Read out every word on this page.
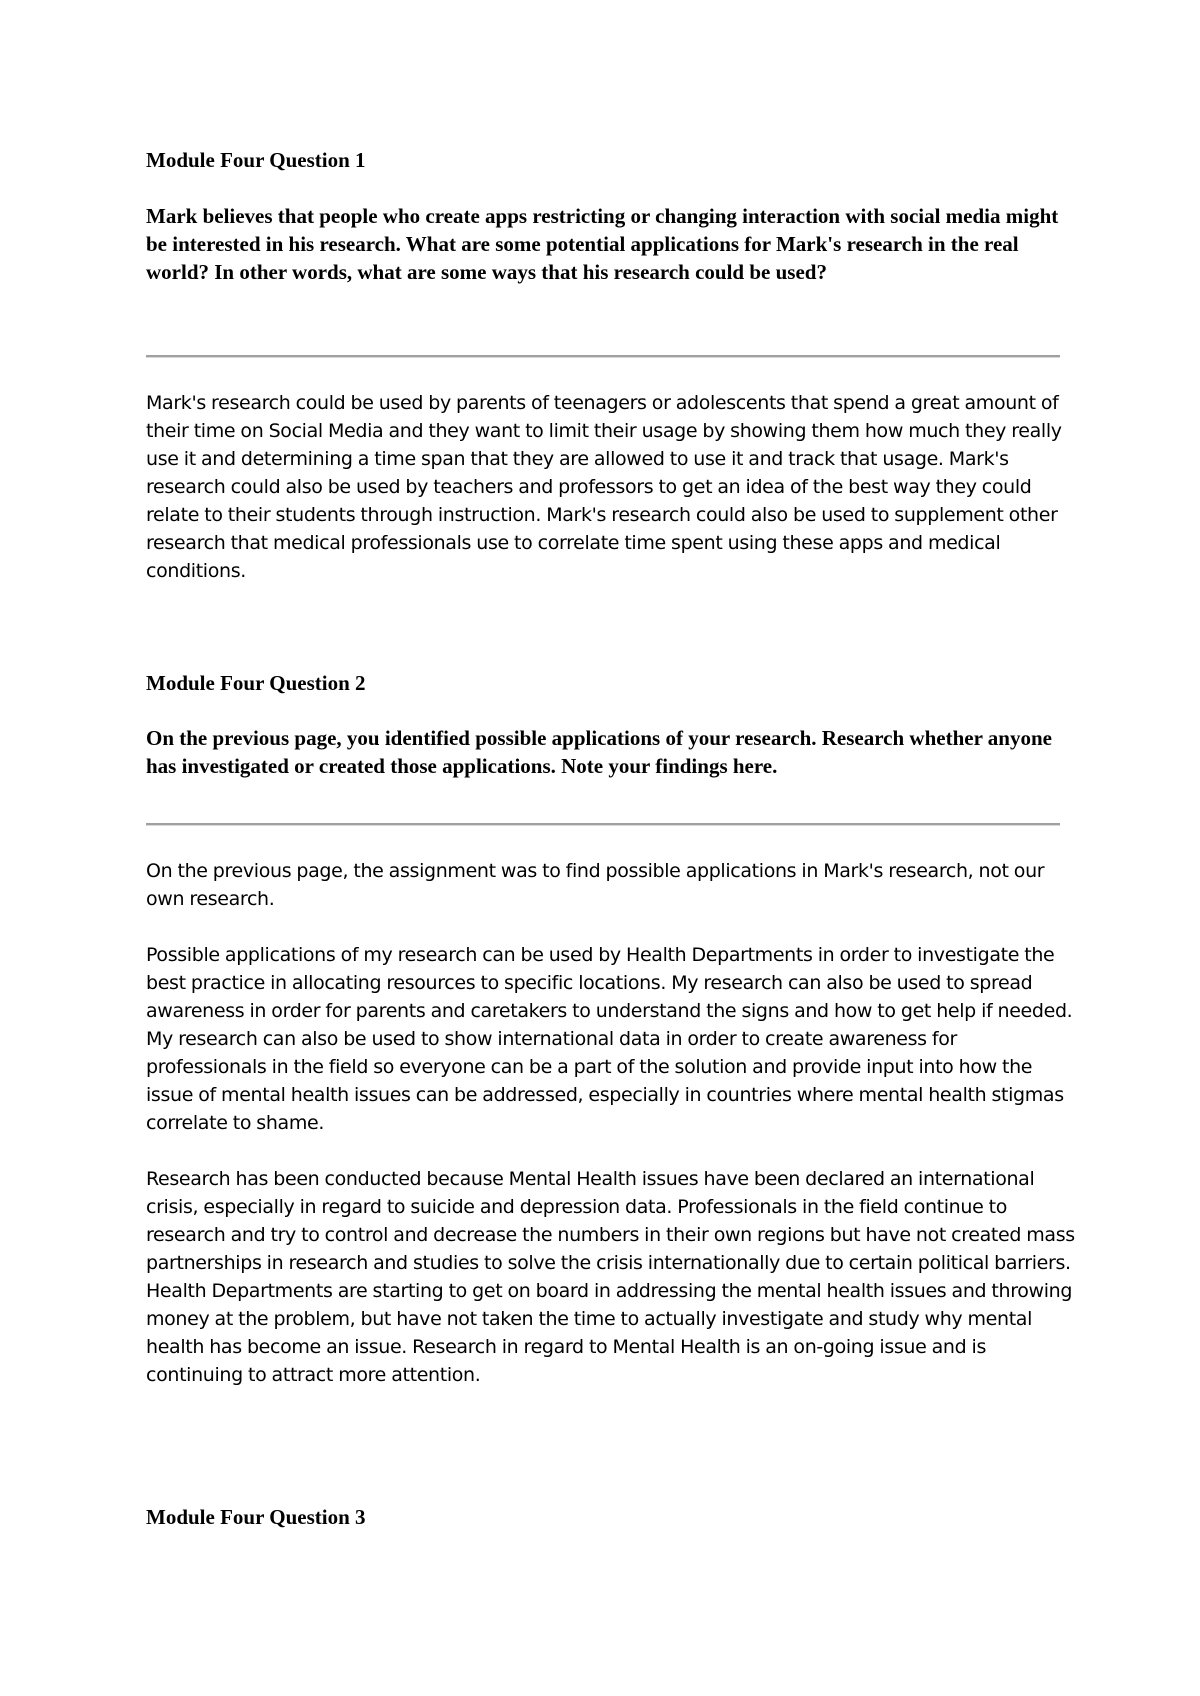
Module Four Question 1

Mark believes that people who create apps restricting or changing interaction with social media might be interested in his research. What are some potential applications for Mark's research in the real world? In other words, what are some ways that his research could be used?

Mark's research could be used by parents of teenagers or adolescents that spend a great amount of their time on Social Media and they want to limit their usage by showing them how much they really use it and determining a time span that they are allowed to use it and track that usage. Mark's research could also be used by teachers and professors to get an idea of the best way they could relate to their students through instruction. Mark's research could also be used to supplement other research that medical professionals use to correlate time spent using these apps and medical conditions.

Module Four Question 2

On the previous page, you identified possible applications of your research. Research whether anyone has investigated or created those applications. Note your findings here.

On the previous page, the assignment was to find possible applications in Mark's research, not our own research.

Possible applications of my research can be used by Health Departments in order to investigate the best practice in allocating resources to specific locations. My research can also be used to spread awareness in order for parents and caretakers to understand the signs and how to get help if needed. My research can also be used to show international data in order to create awareness for professionals in the field so everyone can be a part of the solution and provide input into how the issue of mental health issues can be addressed, especially in countries where mental health stigmas correlate to shame.

Research has been conducted because Mental Health issues have been declared an international crisis, especially in regard to suicide and depression data. Professionals in the field continue to research and try to control and decrease the numbers in their own regions but have not created mass partnerships in research and studies to solve the crisis internationally due to certain political barriers. Health Departments are starting to get on board in addressing the mental health issues and throwing money at the problem, but have not taken the time to actually investigate and study why mental health has become an issue. Research in regard to Mental Health is an on-going issue and is continuing to attract more attention.

Module Four Question 3
